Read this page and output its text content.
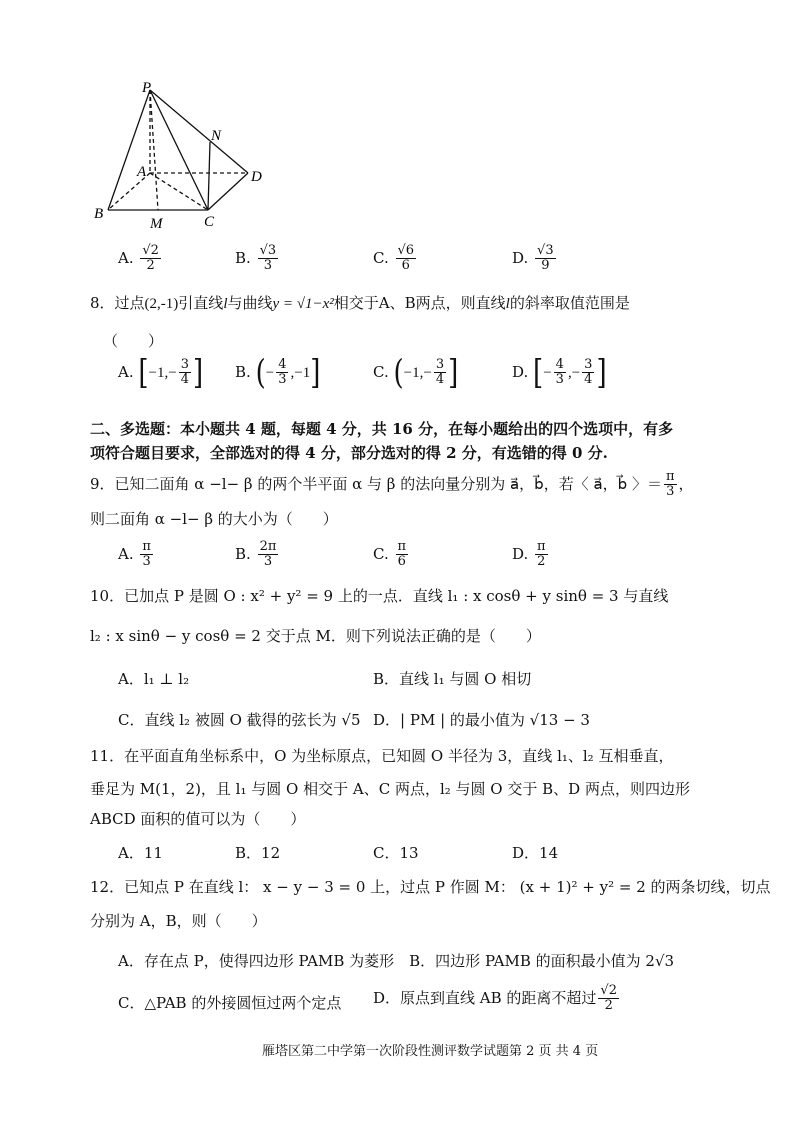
P
N
A	D
B
M	C
A. $\frac{√2}{2}$	B. $\frac{√3}{3}$	C. $\frac{√6}{6}$	D. $\frac{√3}{9}$
8．过点(2,-1)引直线l与曲线y = √1−x²相交于A、B两点，则直线l的斜率取值范围是
（　　）
A. [$-1,- \frac{3}{4}$ ] B. (− $\frac{4}{3} ,-1$]	C. ($-1,- \frac{3}{4}$ ]	D. [− $\frac{4}{3}$ ,− $\frac{3}{4}$ ]
二、多选题：本小题共 4 题，每题 4 分，共 16 分，在每小题给出的四个选项中，有多
项符合题目要求，全部选对的得 4 分，部分选对的得 2 分，有选错的得 0 分.
9．已知二面角 α −l− β 的两个半平面 α 与 β 的法向量分别为 a⃗，b⃗，若〈 a⃗，b⃗ 〉＝ $\frac{\pi}{3}$ ，
则二面角 α −l− β 的大小为（　　）
A. $\frac{\pi}{3}$	B. $\frac{2\pi}{3}$	C. $\frac{\pi}{6}$	D. $\frac{\pi}{2}$
10．已加点 P 是圆 O : x² + y² = 9 上的一点．直线 l₁ : x cosθ + y sinθ = 3 与直线
l₂ : x sinθ − y cosθ = 2 交于点 M．则下列说法正确的是（　　）
A．l₁ ⊥ l₂	B．直线 l₁ 与圆 O 相切
C．直线 l₂ 被圆 O 截得的弦长为 √5 D．| PM | 的最小值为 √13 − 3
11．在平面直角坐标系中，O 为坐标原点，已知圆 O 半径为 3，直线 l₁、l₂ 互相垂直，
垂足为 M(1，2)，且 l₁ 与圆 O 相交于 A、C 两点，l₂ 与圆 O 交于 B、D 两点，则四边形
ABCD 面积的值可以为（　　）
A．11	B．12	C．13	D．14
12．已知点 P 在直线 l： x − y − 3 = 0 上，过点 P 作圆 M： (x + 1)² + y² = 2 的两条切线，切点
分别为 A，B，则（　　）
A．存在点 P，使得四边形 PAMB 为菱形　B．四边形 PAMB 的面积最小值为 2√3
C．△PAB 的外接圆恒过两个定点 D．原点到直线 AB 的距离不超过 $\frac{√2}{2}$
雁塔区第二中学第一次阶段性测评数学试题第 2 页 共 4 页
